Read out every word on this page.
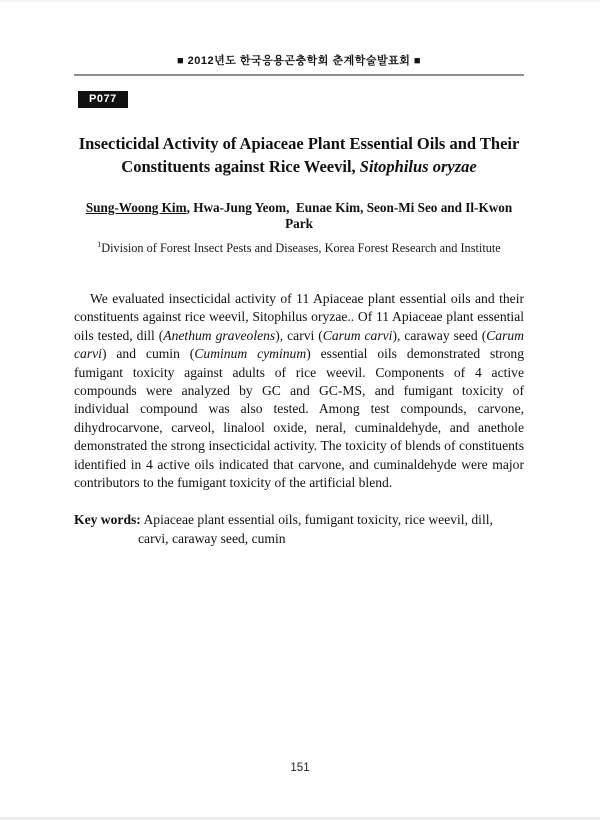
■ 2012년도 한국응용곤충학회 춘계학술발표회 ■
P077
Insecticidal Activity of Apiaceae Plant Essential Oils and Their Constituents against Rice Weevil, Sitophilus oryzae
Sung-Woong Kim, Hwa-Jung Yeom,  Eunae Kim, Seon-Mi Seo and Il-Kwon Park
$^1$Division of Forest Insect Pests and Diseases, Korea Forest Research and Institute

We evaluated insecticidal activity of 11 Apiaceae plant essential oils and their constituents against rice weevil, Sitophilus oryzae.. Of 11 Apiaceae plant essential oils tested, dill (Anethum graveolens), carvi (Carum carvi), caraway seed (Carum carvi) and cumin (Cuminum cyminum) essential oils demonstrated strong fumigant toxicity against adults of rice weevil. Components of 4 active compounds were analyzed by GC and GC-MS, and fumigant toxicity of individual compound was also tested. Among test compounds, carvone, dihydrocarvone, carveol, linalool oxide, neral, cuminaldehyde, and anethole demonstrated the strong insecticidal activity. The toxicity of blends of constituents identified in 4 active oils indicated that carvone, and cuminaldehyde were major contributors to the fumigant toxicity of the artificial blend.

Key words: Apiaceae plant essential oils, fumigant toxicity, rice weevil, dill, carvi, caraway seed, cumin

151
